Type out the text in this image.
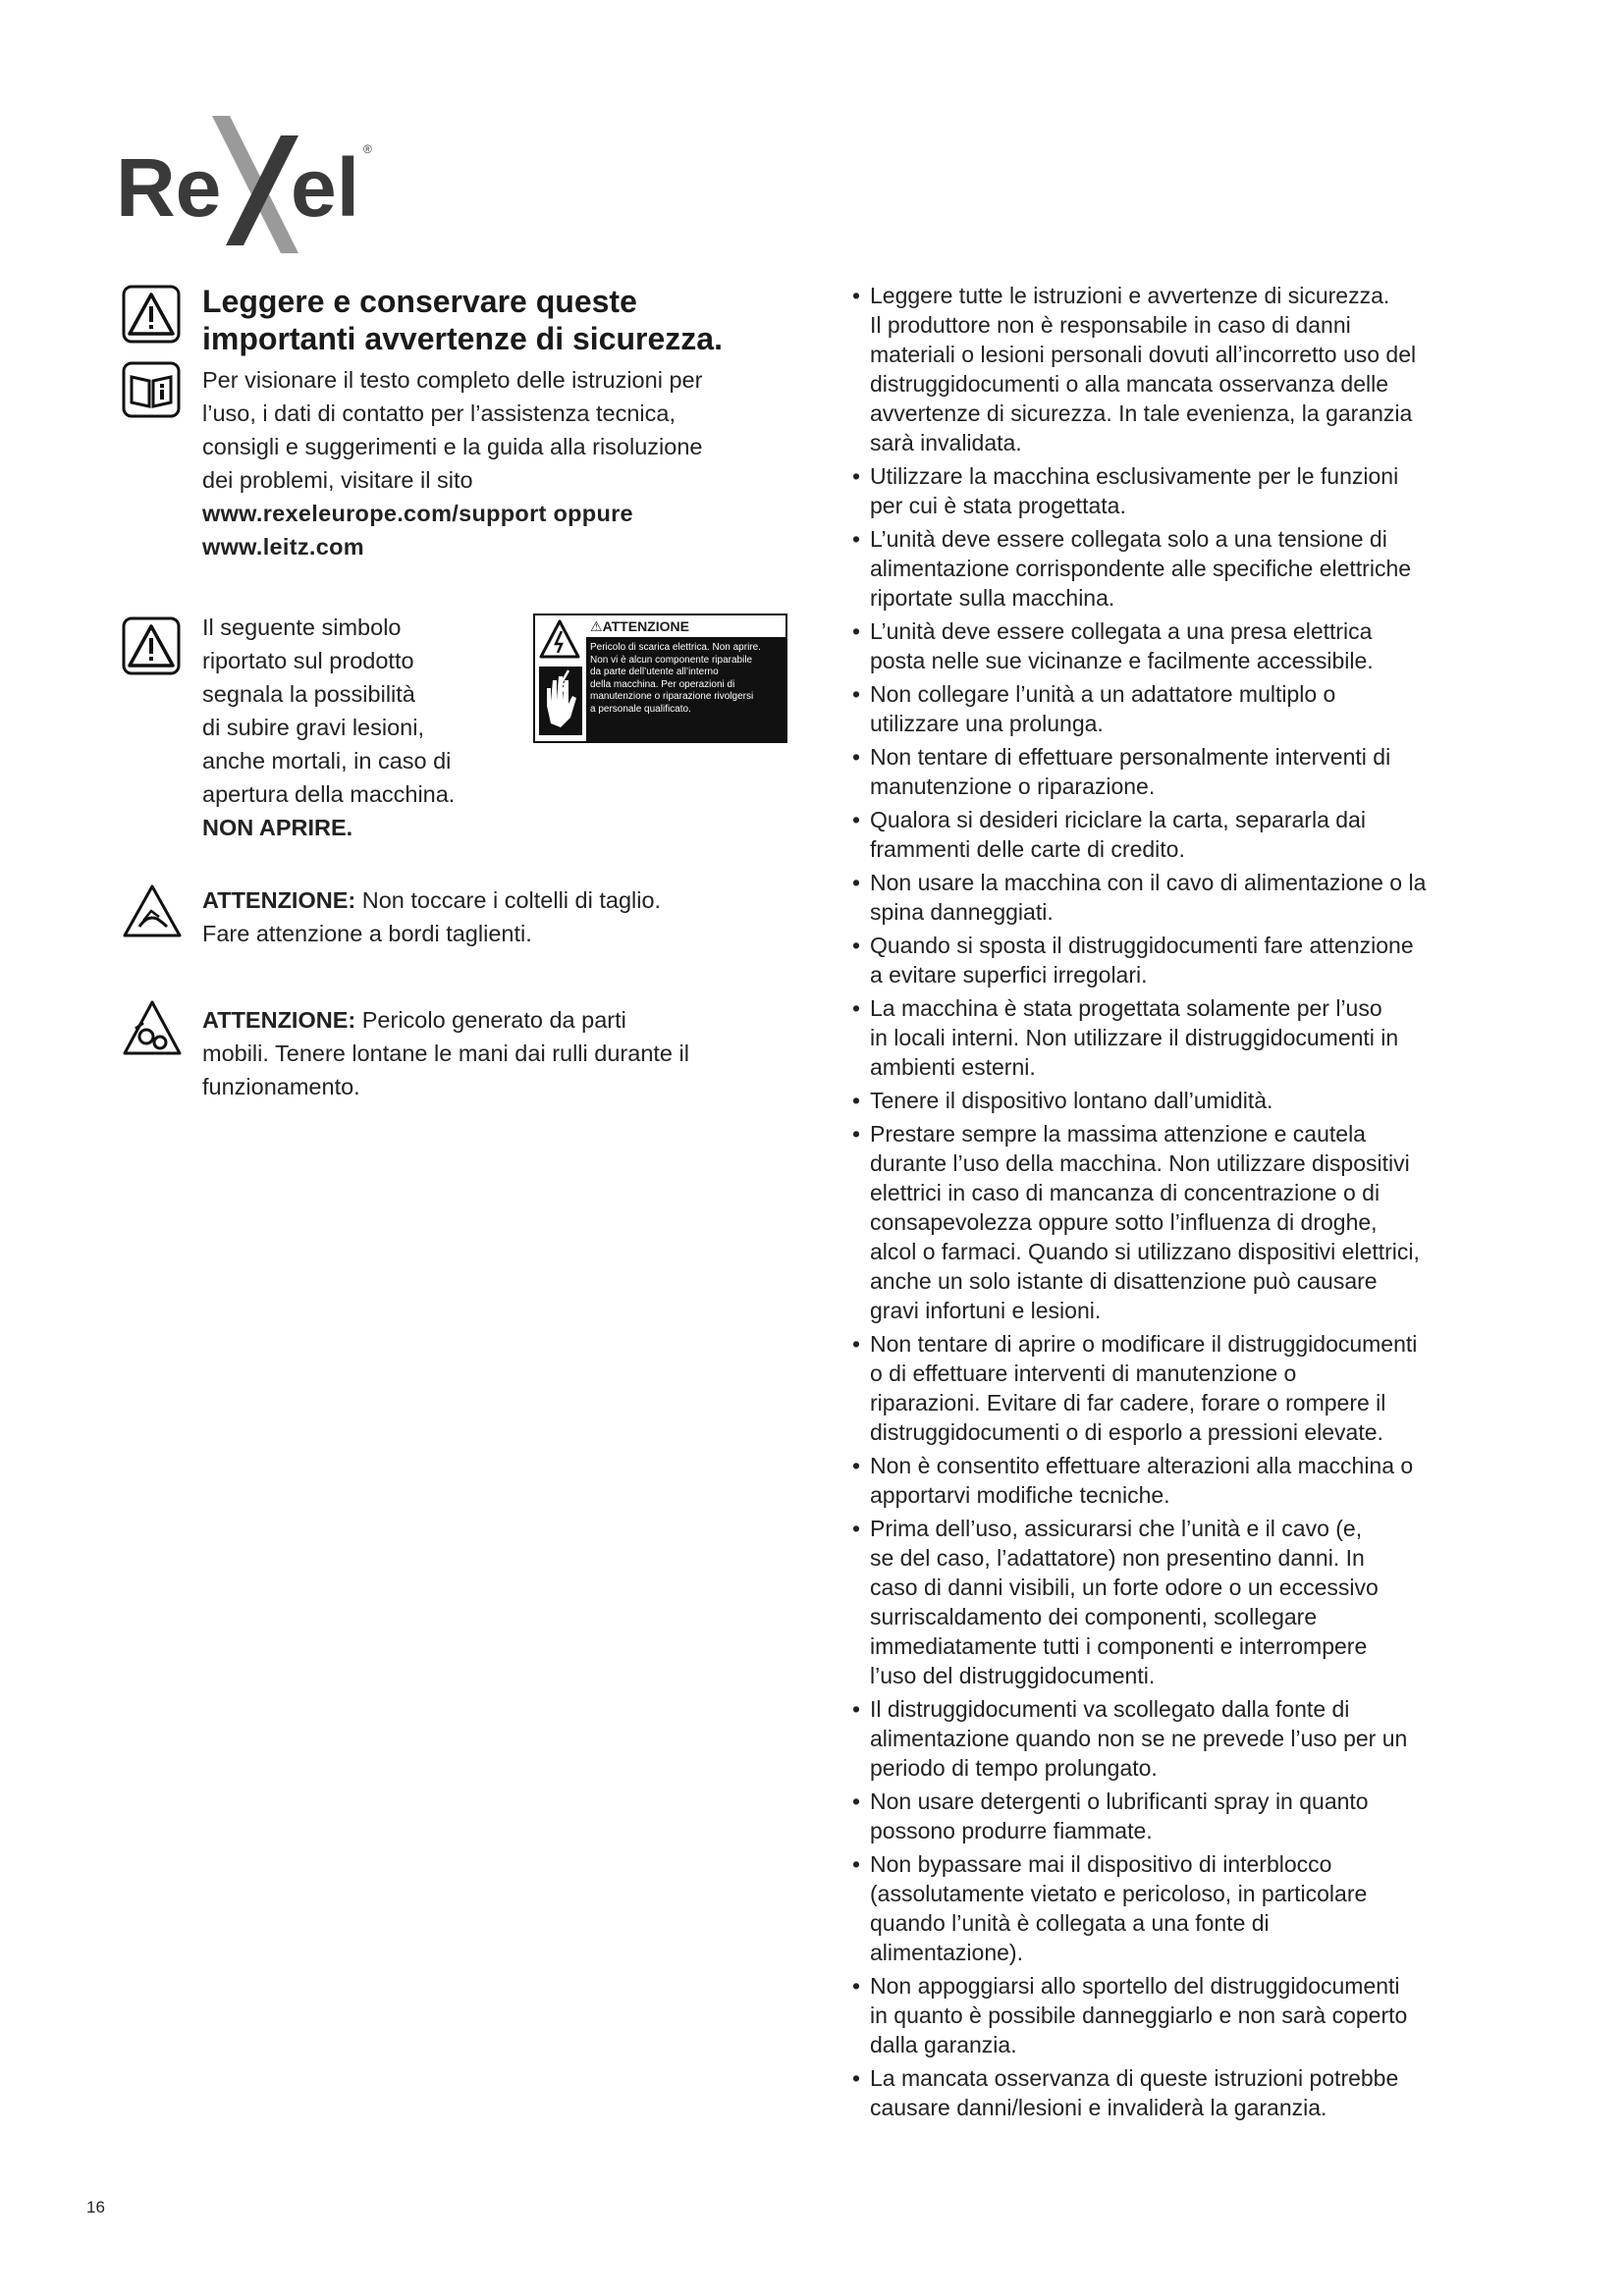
Re el ®
Leggere e conservare queste
importanti avvertenze di sicurezza.
Per visionare il testo completo delle istruzioni per
l’uso, i dati di contatto per l’assistenza tecnica,
consigli e suggerimenti e la guida alla risoluzione
dei problemi, visitare il sito
www.rexeleurope.com/support oppure
www.leitz.com
Il seguente simbolo
riportato sul prodotto
segnala la possibilità
di subire gravi lesioni,
anche mortali, in caso di
apertura della macchina.
NON APRIRE.
⚠ATTENZIONE
Pericolo di scarica elettrica. Non aprire.
Non vi è alcun componente riparabile
da parte dell’utente all’interno
della macchina. Per operazioni di
manutenzione o riparazione rivolgersi
a personale qualificato.
ATTENZIONE: Non toccare i coltelli di taglio.
Fare attenzione a bordi taglienti.
ATTENZIONE: Pericolo generato da parti
mobili. Tenere lontane le mani dai rulli durante il
funzionamento.
• Leggere tutte le istruzioni e avvertenze di sicurezza.
Il produttore non è responsabile in caso di danni
materiali o lesioni personali dovuti all’incorretto uso del
distruggidocumenti o alla mancata osservanza delle
avvertenze di sicurezza. In tale evenienza, la garanzia
sarà invalidata.
• Utilizzare la macchina esclusivamente per le funzioni
per cui è stata progettata.
• L’unità deve essere collegata solo a una tensione di
alimentazione corrispondente alle specifiche elettriche
riportate sulla macchina.
• L’unità deve essere collegata a una presa elettrica
posta nelle sue vicinanze e facilmente accessibile.
• Non collegare l’unità a un adattatore multiplo o
utilizzare una prolunga.
• Non tentare di effettuare personalmente interventi di
manutenzione o riparazione.
• Qualora si desideri riciclare la carta, separarla dai
frammenti delle carte di credito.
• Non usare la macchina con il cavo di alimentazione o la
spina danneggiati.
• Quando si sposta il distruggidocumenti fare attenzione
a evitare superfici irregolari.
• La macchina è stata progettata solamente per l’uso
in locali interni. Non utilizzare il distruggidocumenti in
ambienti esterni.
• Tenere il dispositivo lontano dall’umidità.
• Prestare sempre la massima attenzione e cautela
durante l’uso della macchina. Non utilizzare dispositivi
elettrici in caso di mancanza di concentrazione o di
consapevolezza oppure sotto l’influenza di droghe,
alcol o farmaci. Quando si utilizzano dispositivi elettrici,
anche un solo istante di disattenzione può causare
gravi infortuni e lesioni.
• Non tentare di aprire o modificare il distruggidocumenti
o di effettuare interventi di manutenzione o
riparazioni. Evitare di far cadere, forare o rompere il
distruggidocumenti o di esporlo a pressioni elevate.
• Non è consentito effettuare alterazioni alla macchina o
apportarvi modifiche tecniche.
• Prima dell’uso, assicurarsi che l’unità e il cavo (e,
se del caso, l’adattatore) non presentino danni. In
caso di danni visibili, un forte odore o un eccessivo
surriscaldamento dei componenti, scollegare
immediatamente tutti i componenti e interrompere
l’uso del distruggidocumenti.
• Il distruggidocumenti va scollegato dalla fonte di
alimentazione quando non se ne prevede l’uso per un
periodo di tempo prolungato.
• Non usare detergenti o lubrificanti spray in quanto
possono produrre fiammate.
• Non bypassare mai il dispositivo di interblocco
(assolutamente vietato e pericoloso, in particolare
quando l’unità è collegata a una fonte di
alimentazione).
• Non appoggiarsi allo sportello del distruggidocumenti
in quanto è possibile danneggiarlo e non sarà coperto
dalla garanzia.
• La mancata osservanza di queste istruzioni potrebbe
causare danni/lesioni e invaliderà la garanzia.
16
